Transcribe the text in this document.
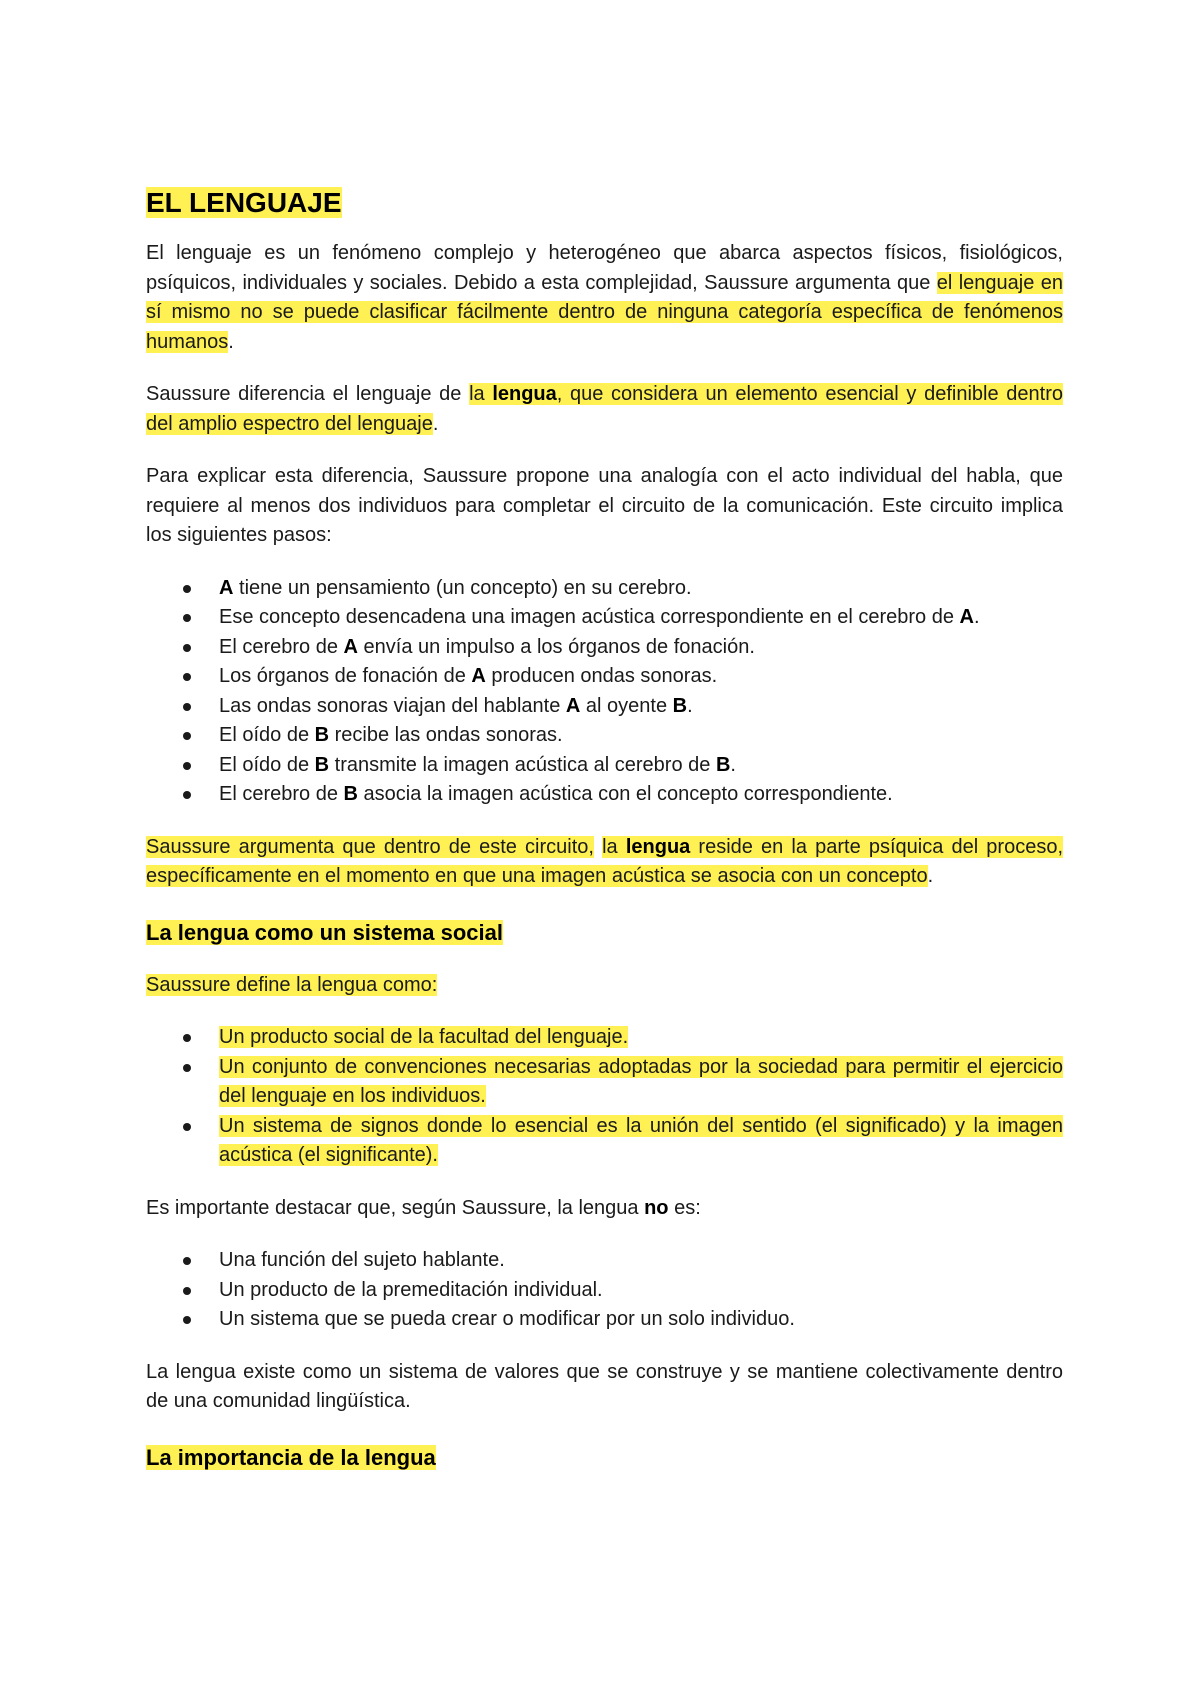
EL LENGUAJE

El lenguaje es un fenómeno complejo y heterogéneo que abarca aspectos físicos, fisiológicos, psíquicos, individuales y sociales. Debido a esta complejidad, Saussure argumenta que el lenguaje en sí mismo no se puede clasificar fácilmente dentro de ninguna categoría específica de fenómenos humanos.

Saussure diferencia el lenguaje de la lengua, que considera un elemento esencial y definible dentro del amplio espectro del lenguaje.

Para explicar esta diferencia, Saussure propone una analogía con el acto individual del habla, que requiere al menos dos individuos para completar el circuito de la comunicación. Este circuito implica los siguientes pasos:

A tiene un pensamiento (un concepto) en su cerebro.
Ese concepto desencadena una imagen acústica correspondiente en el cerebro de A.
El cerebro de A envía un impulso a los órganos de fonación.
Los órganos de fonación de A producen ondas sonoras.
Las ondas sonoras viajan del hablante A al oyente B.
El oído de B recibe las ondas sonoras.
El oído de B transmite la imagen acústica al cerebro de B.
El cerebro de B asocia la imagen acústica con el concepto correspondiente.

Saussure argumenta que dentro de este circuito, la lengua reside en la parte psíquica del proceso, específicamente en el momento en que una imagen acústica se asocia con un concepto.

La lengua como un sistema social

Saussure define la lengua como:

Un producto social de la facultad del lenguaje.
Un conjunto de convenciones necesarias adoptadas por la sociedad para permitir el ejercicio del lenguaje en los individuos.
Un sistema de signos donde lo esencial es la unión del sentido (el significado) y la imagen acústica (el significante).

Es importante destacar que, según Saussure, la lengua no es:

Una función del sujeto hablante.
Un producto de la premeditación individual.
Un sistema que se pueda crear o modificar por un solo individuo.

La lengua existe como un sistema de valores que se construye y se mantiene colectivamente dentro de una comunidad lingüística.

La importancia de la lengua
